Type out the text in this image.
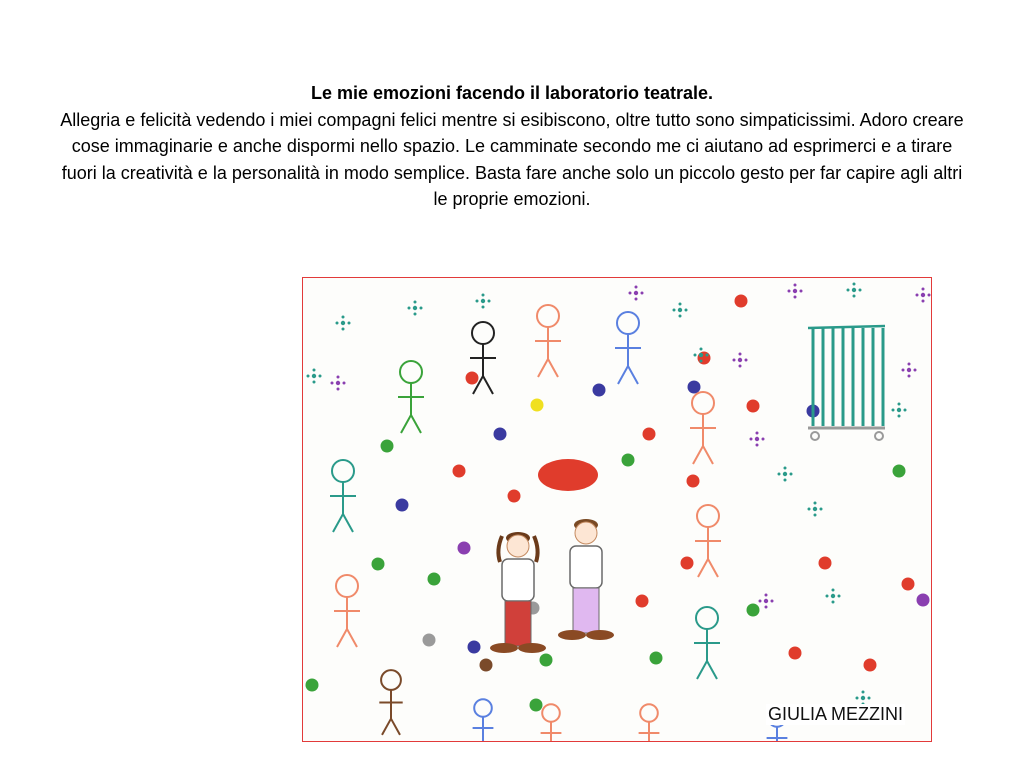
Le mie emozioni facendo il laboratorio teatrale.
Allegria e felicità vedendo i miei compagni felici mentre si esibiscono, oltre tutto sono simpaticissimi. Adoro creare cose immaginarie e anche dispormi nello spazio. Le camminate secondo me ci aiutano ad esprimerci e a tirare fuori la creatività e la personalità in modo semplice. Basta fare anche solo un piccolo gesto per far capire agli altri le proprie emozioni.
GIULIA MEZZINI
